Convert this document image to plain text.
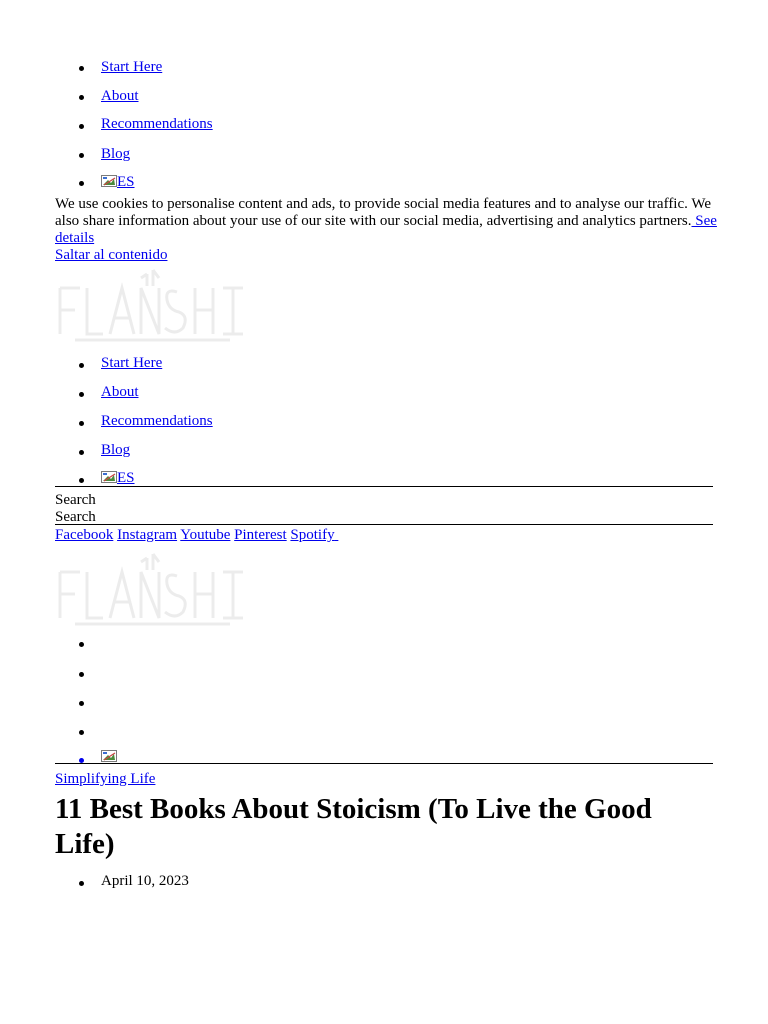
Start Here
About
Recommendations
Blog
ES
We use cookies to personalise content and ads, to provide social media features and to analyse our traffic. We also share information about your use of our site with our social media, advertising and analytics partners. See details
Saltar al contenido
Start Here
About
Recommendations
Blog
ES
Search
Search
Facebook Instagram Youtube Pinterest Spotify
Simplifying Life
11 Best Books About Stoicism (To Live the Good Life)
April 10, 2023
